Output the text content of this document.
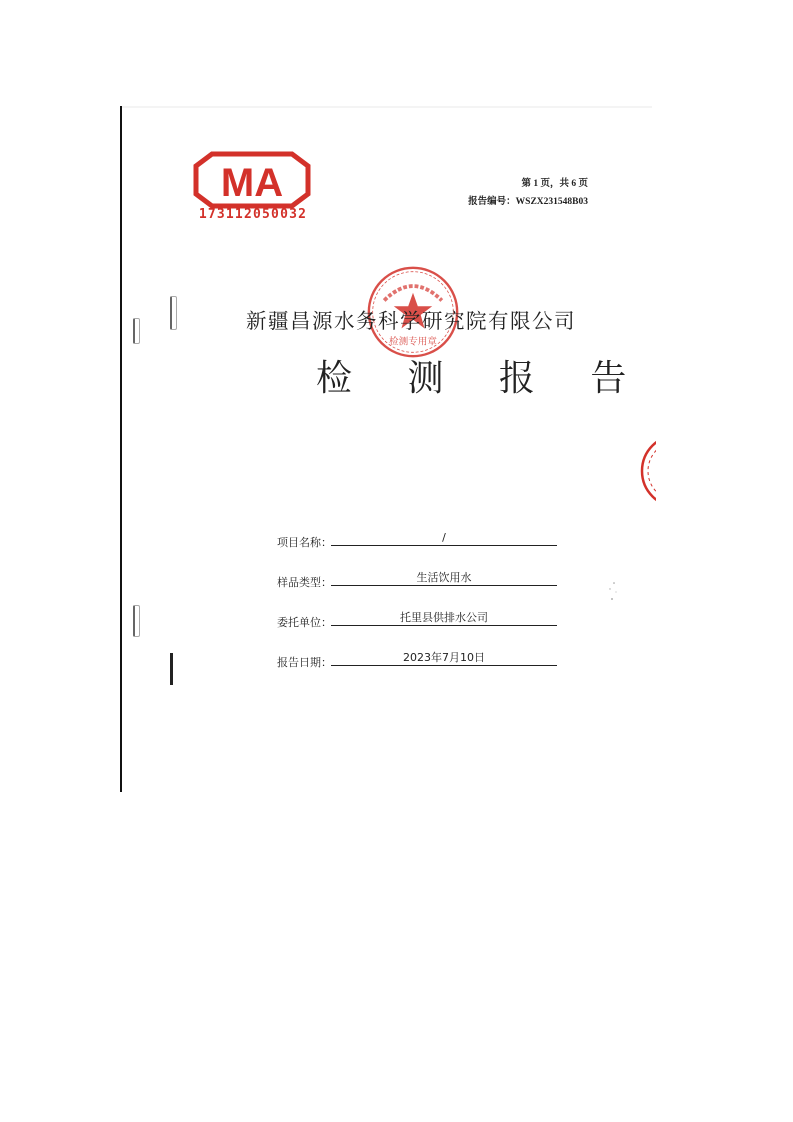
MA
173112050032
第 1 页，共 6 页
报告编号：WSZX231548B03
检测专用章
新疆昌源水务科学研究院有限公司
检 测 报 告
项目名称：	/
样品类型：	生活饮用水
委托单位：	托里县供排水公司
报告日期：	2023年7月10日
